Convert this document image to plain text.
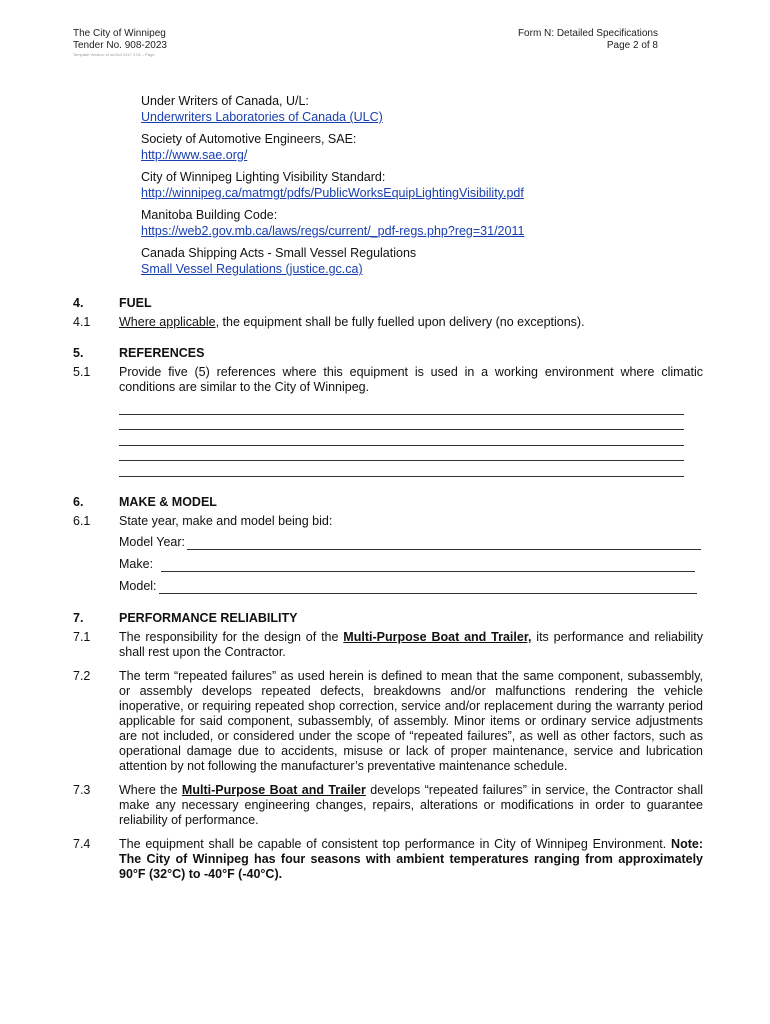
The City of Winnipeg
Tender No. 908-2023
Template Version: el sm3c4 2017 3 01 – Page
Form N: Detailed Specifications
Page 2 of 8
Under Writers of Canada, U/L:
Underwriters Laboratories of Canada (ULC)
Society of Automotive Engineers, SAE:
http://www.sae.org/
City of Winnipeg Lighting Visibility Standard:
http://winnipeg.ca/matmgt/pdfs/PublicWorksEquipLightingVisibility.pdf
Manitoba Building Code:
https://web2.gov.mb.ca/laws/regs/current/_pdf-regs.php?reg=31/2011
Canada Shipping Acts - Small Vessel Regulations
Small Vessel Regulations (justice.gc.ca)
4.	FUEL
4.1	Where applicable, the equipment shall be fully fuelled upon delivery (no exceptions).
5.	REFERENCES
5.1	Provide five (5) references where this equipment is used in a working environment where climatic conditions are similar to the City of Winnipeg.
6.	MAKE & MODEL
6.1	State year, make and model being bid:
Model Year:
Make:
Model:
7.	PERFORMANCE RELIABILITY
7.1	The responsibility for the design of the Multi-Purpose Boat and Trailer, its performance and reliability shall rest upon the Contractor.
7.2	The term “repeated failures” as used herein is defined to mean that the same component, subassembly, or assembly develops repeated defects, breakdowns and/or malfunctions rendering the vehicle inoperative, or requiring repeated shop correction, service and/or replacement during the warranty period applicable for said component, subassembly, of assembly. Minor items or ordinary service adjustments are not included, or considered under the scope of “repeated failures”, as well as other factors, such as operational damage due to accidents, misuse or lack of proper maintenance, service and lubrication attention by not following the manufacturer’s preventative maintenance schedule.
7.3	Where the Multi-Purpose Boat and Trailer develops “repeated failures” in service, the Contractor shall make any necessary engineering changes, repairs, alterations or modifications in order to guarantee reliability of performance.
7.4	The equipment shall be capable of consistent top performance in City of Winnipeg Environment. Note: The City of Winnipeg has four seasons with ambient temperatures ranging from approximately 90°F (32°C) to -40°F (-40°C).
